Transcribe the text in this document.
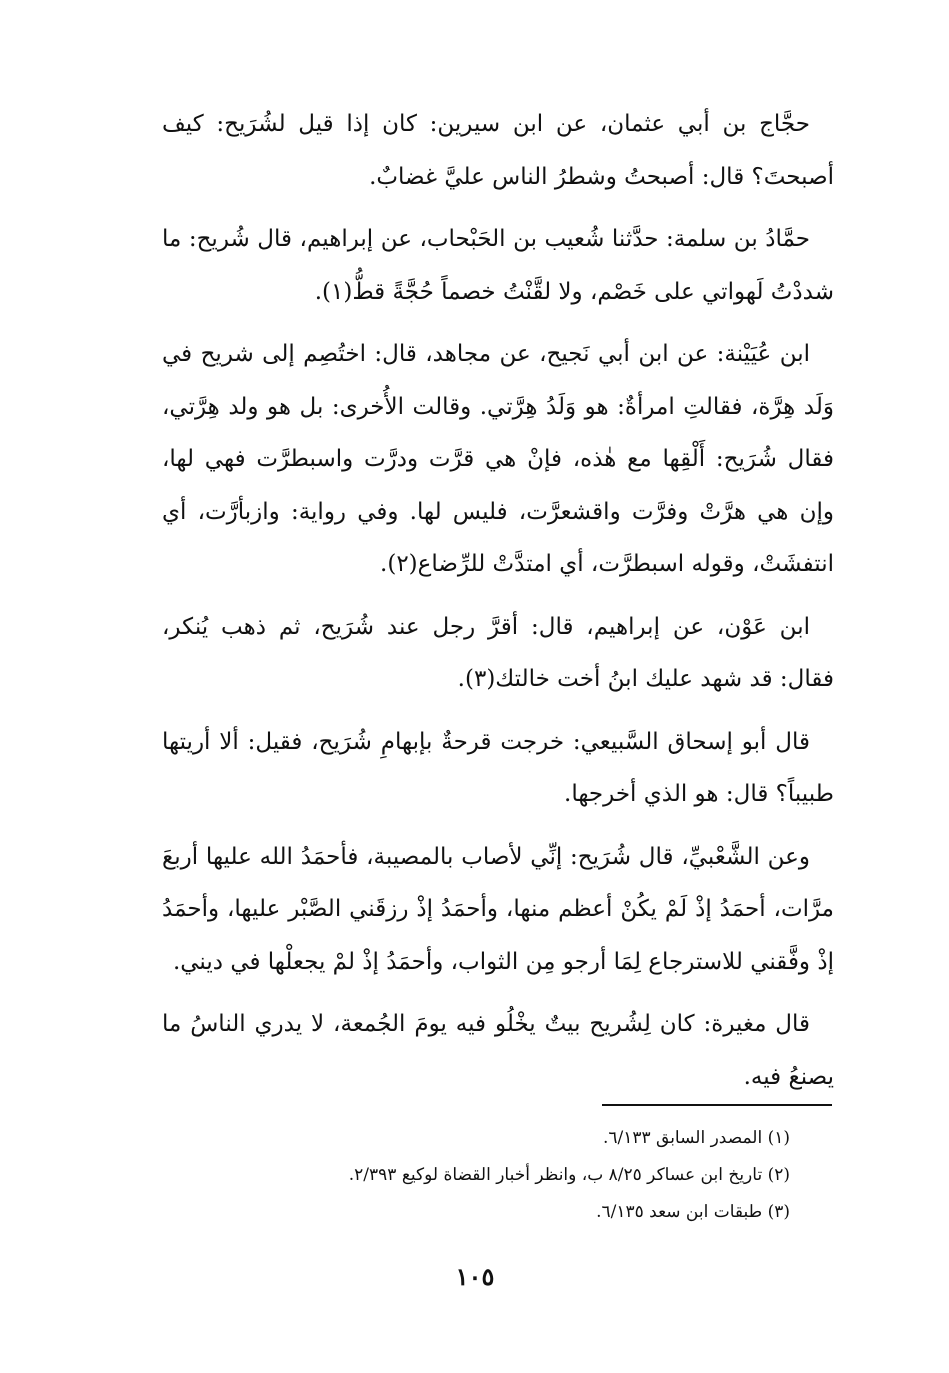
حجَّاج بن أبي عثمان، عن ابن سيرين: كان إذا قيل لشُرَيح: كيف أصبحتَ؟ قال: أصبحتُ وشطرُ الناس عليَّ غضابٌ.

حمَّادُ بن سلمة: حدَّثنا شُعيب بن الحَبْحاب، عن إبراهيم، قال شُريح: ما شددْتُ لَهواتي على خَصْم، ولا لقَّنْتُ خصماً حُجَّةً قطُّ(١).

ابن عُيَيْنة: عن ابن أبي نَجيح، عن مجاهد، قال: اختُصِم إلى شريح في وَلَد هِرَّة، فقالتِ امرأةٌ: هو وَلَدُ هِرَّتي. وقالت الأُخرى: بل هو ولد هِرَّتي، فقال شُرَيح: أَلْقِها مع هٰذه، فإنْ هي قرَّت ودرَّت واسبطرَّت فهي لها، وإن هي هرَّتْ وفرَّت واقشعرَّت، فليس لها. وفي رواية: وازبأرَّت، أي انتفشَتْ، وقوله اسبطرَّت، أي امتدَّتْ للرِّضاع(٢).

ابن عَوْن، عن إبراهيم، قال: أقرَّ رجل عند شُرَيح، ثم ذهب يُنكر، فقال: قد شهد عليك ابنُ أخت خالتك(٣).

قال أبو إسحاق السَّبيعي: خرجت قرحةٌ بإبهامِ شُرَيح، فقيل: ألا أريتها طبيباً؟ قال: هو الذي أخرجها.

وعن الشَّعْبيِّ، قال شُرَيح: إنِّي لأصاب بالمصيبة، فأحمَدُ الله عليها أربعَ مرَّات، أحمَدُ إذْ لَمْ يكُنْ أعظم منها، وأحمَدُ إذْ رزقَني الصَّبْر عليها، وأحمَدُ إذْ وفَّقني للاسترجاع لِمَا أرجو مِن الثواب، وأحمَدُ إذْ لمْ يجعلْها في ديني.

قال مغيرة: كان لِشُريح بيتٌ يخْلُو فيه يومَ الجُمعة، لا يدري الناسُ ما يصنعُ فيه.

(١) المصدر السابق ٦/١٣٣.

(٢) تاريخ ابن عساكر ٨/٢٥ ب، وانظر أخبار القضاة لوكيع ٢/٣٩٣.

(٣) طبقات ابن سعد ٦/١٣٥.

١٠٥
